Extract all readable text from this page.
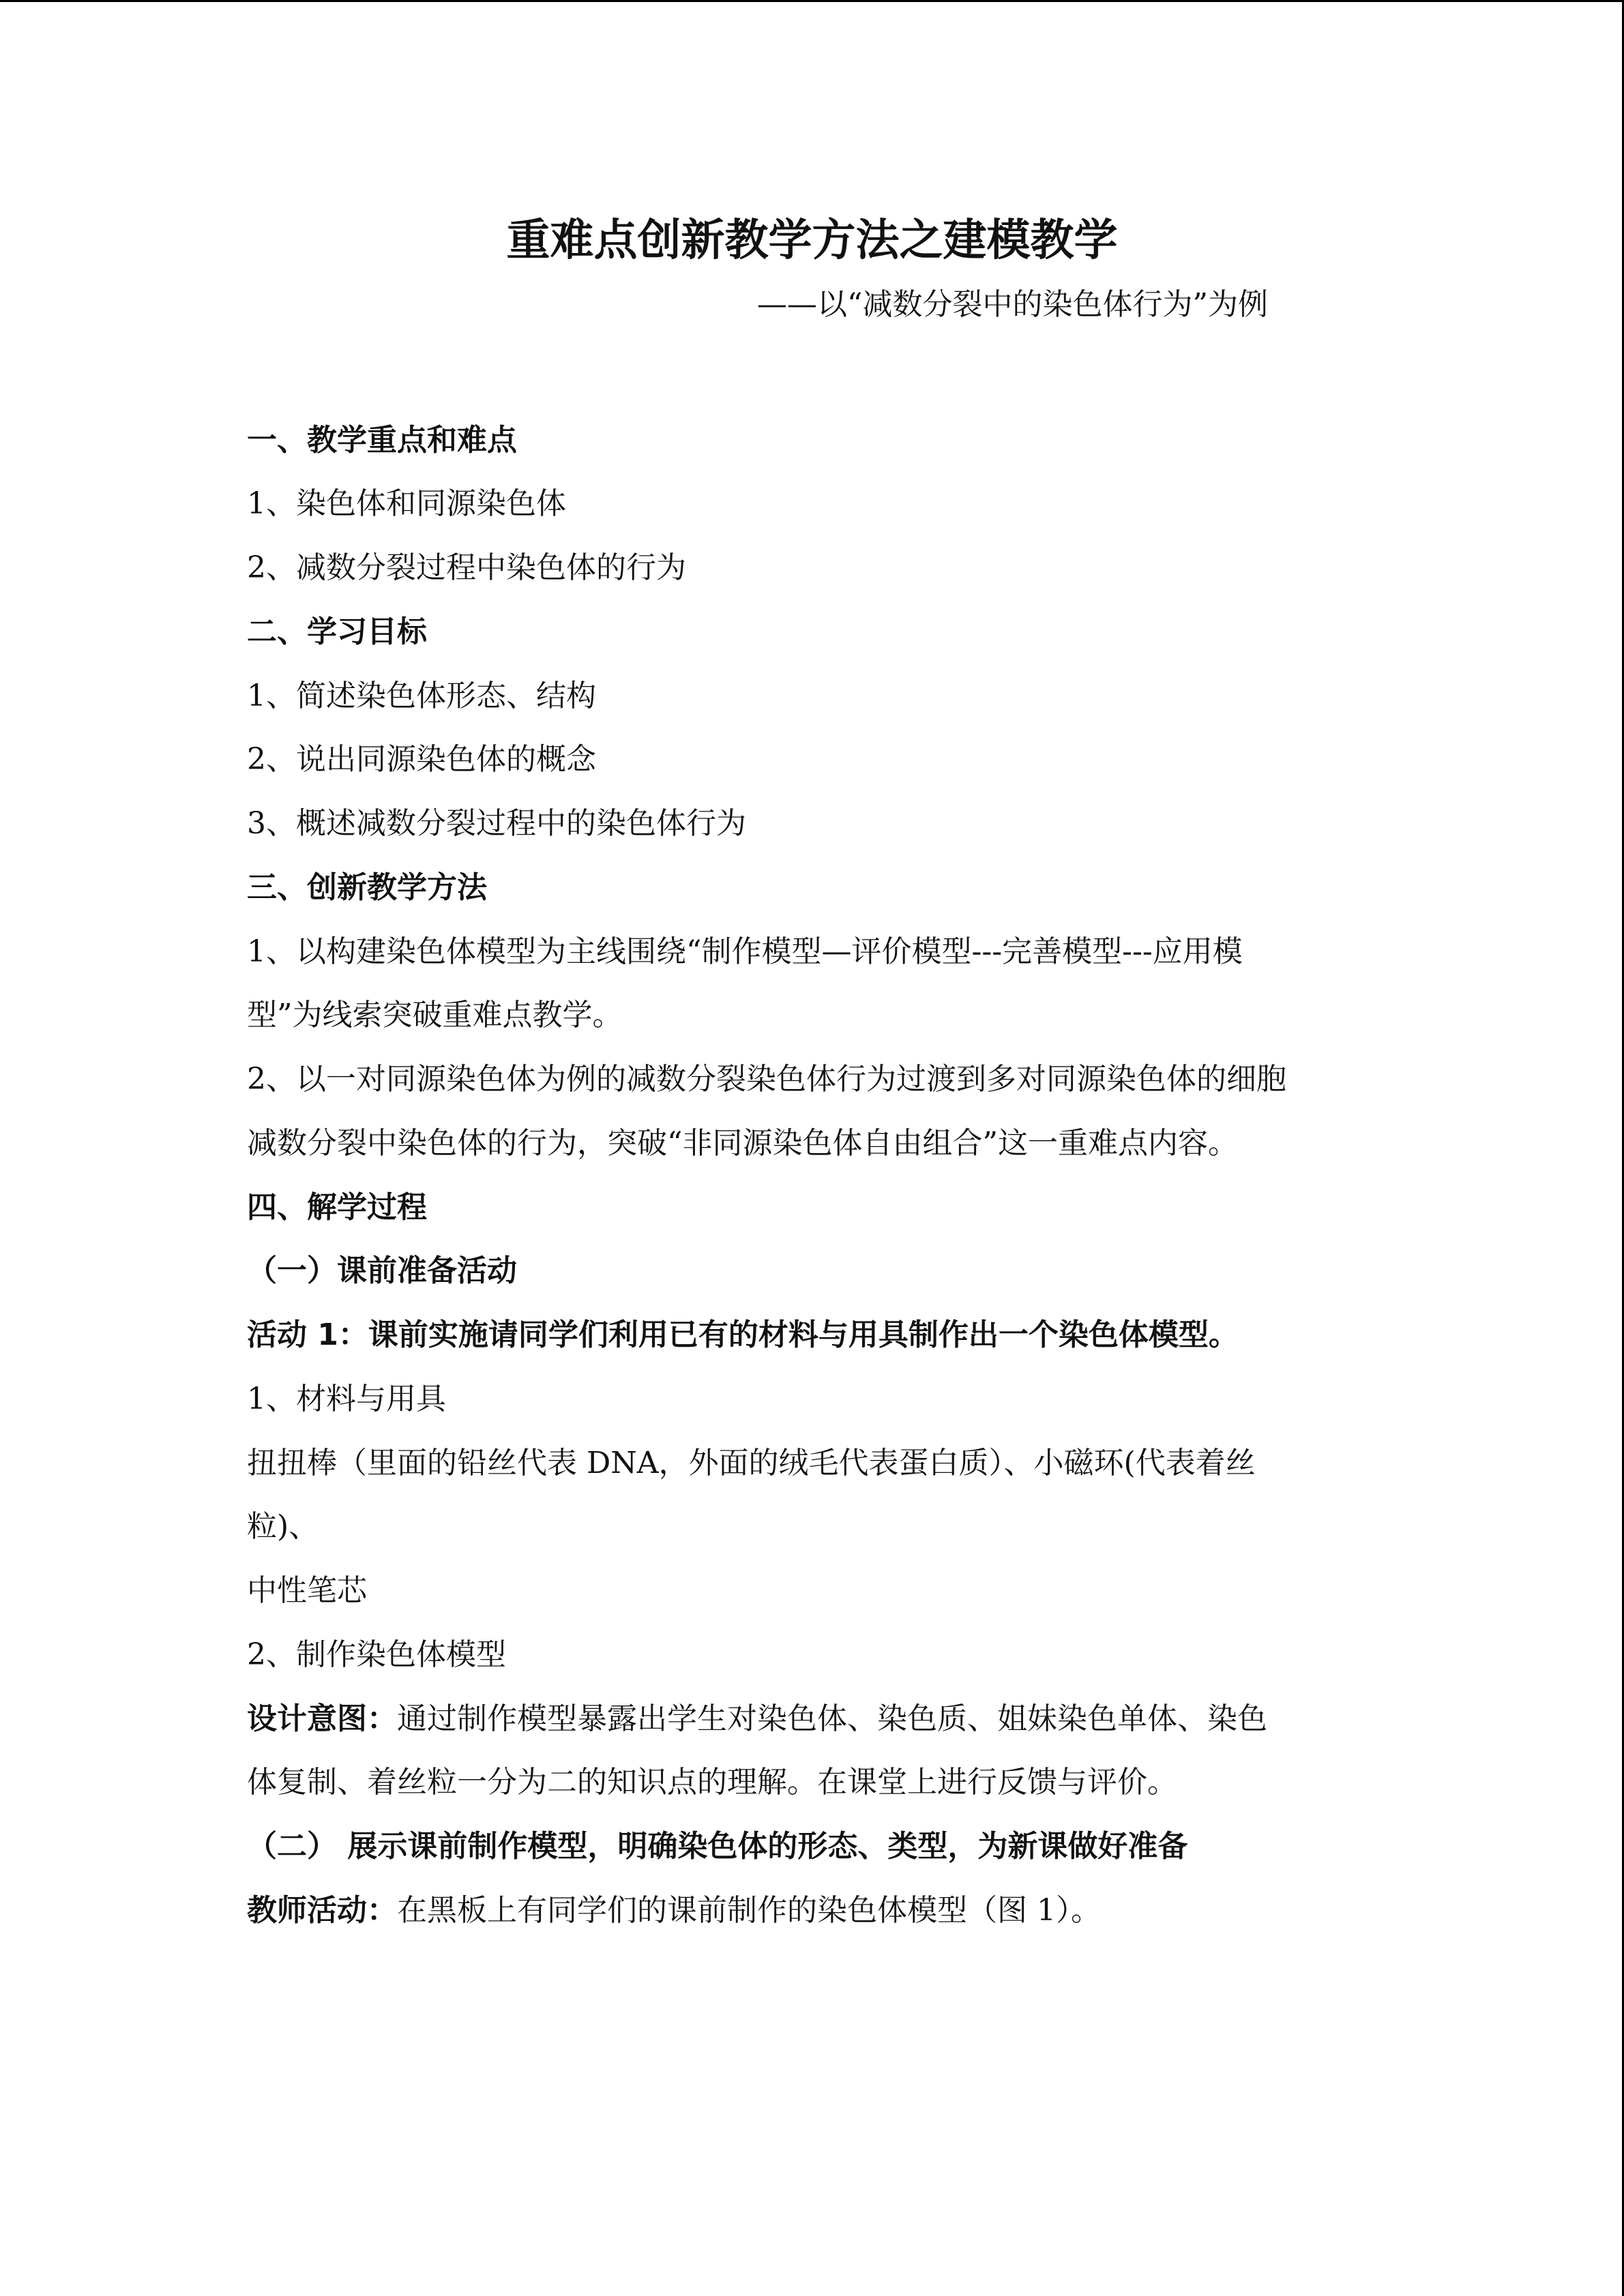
重难点创新教学方法之建模教学
——以“减数分裂中的染色体行为”为例
一、教学重点和难点
1、染色体和同源染色体
2、减数分裂过程中染色体的行为
二、学习目标
1、简述染色体形态、结构
2、说出同源染色体的概念
3、概述减数分裂过程中的染色体行为
三、创新教学方法
1、以构建染色体模型为主线围绕“制作模型—评价模型---完善模型---应用模
型”为线索突破重难点教学。
2、以一对同源染色体为例的减数分裂染色体行为过渡到多对同源染色体的细胞
减数分裂中染色体的行为，突破“非同源染色体自由组合”这一重难点内容。
四、解学过程
（一）课前准备活动
活动 1：课前实施请同学们利用已有的材料与用具制作出一个染色体模型。
1、材料与用具
扭扭棒（里面的铅丝代表 DNA，外面的绒毛代表蛋白质）、小磁环(代表着丝
粒)、
中性笔芯
2、制作染色体模型
设计意图：通过制作模型暴露出学生对染色体、染色质、姐妹染色单体、染色
体复制、着丝粒一分为二的知识点的理解。在课堂上进行反馈与评价。
（二） 展示课前制作模型，明确染色体的形态、类型，为新课做好准备
教师活动：在黑板上有同学们的课前制作的染色体模型（图 1）。
